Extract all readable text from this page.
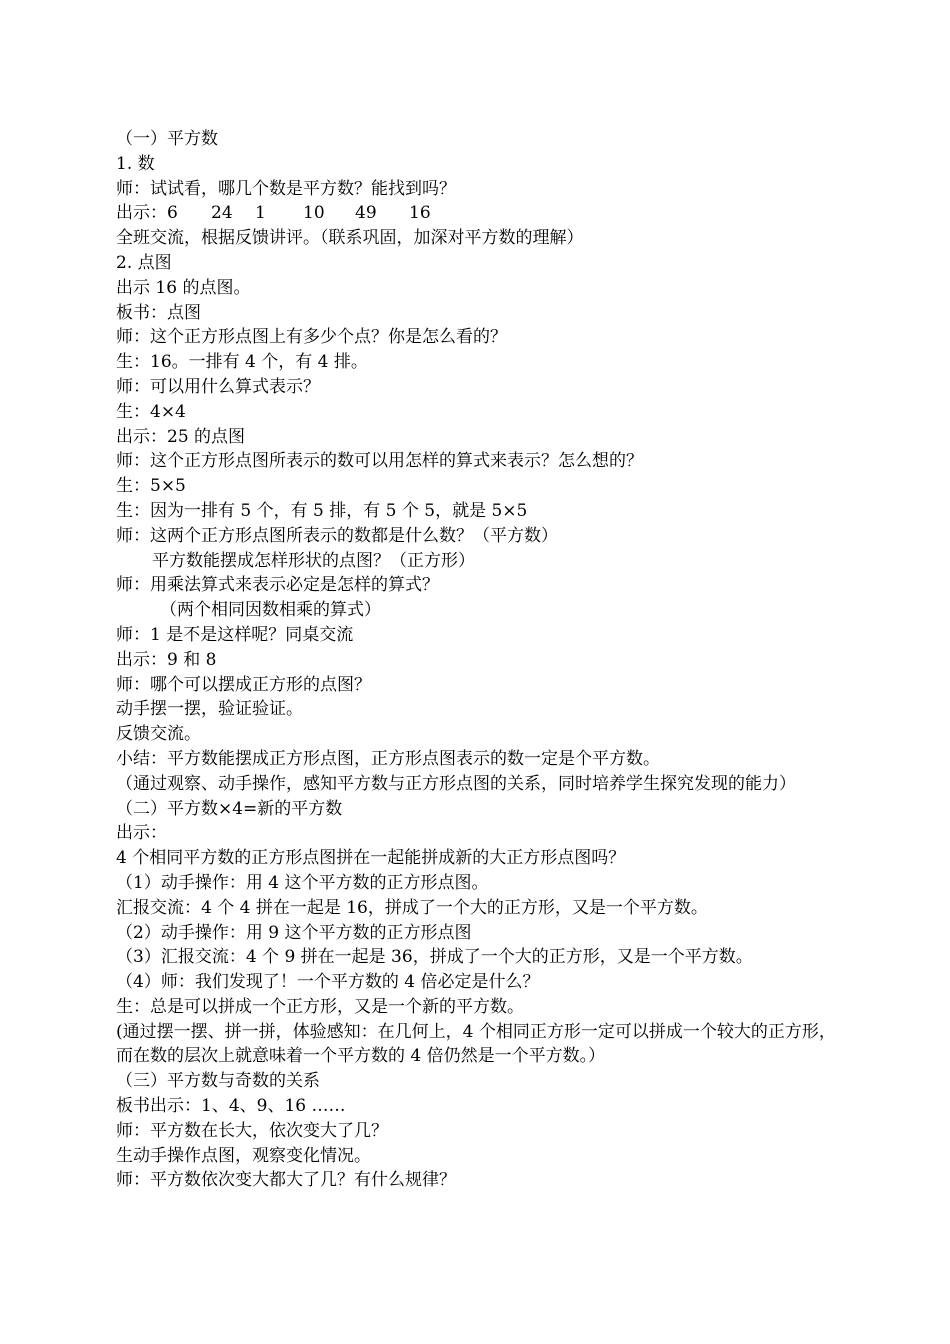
（一）平方数

1. 数

师：试试看，哪几个数是平方数？能找到吗？

出示：6 24 1 10 49 16

全班交流，根据反馈讲评。（联系巩固，加深对平方数的理解）

2. 点图

出示 16 的点图。

板书：点图

师：这个正方形点图上有多少个点？你是怎么看的？

生：16。一排有 4 个，有 4 排。

师：可以用什么算式表示？

生：4×4

出示：25 的点图

师：这个正方形点图所表示的数可以用怎样的算式来表示？怎么想的？

生：5×5

生：因为一排有 5 个，有 5 排，有 5 个 5，就是 5×5

师：这两个正方形点图所表示的数都是什么数？（平方数）

平方数能摆成怎样形状的点图？（正方形）

师：用乘法算式来表示必定是怎样的算式？

（两个相同因数相乘的算式）

师：1 是不是这样呢？同桌交流

出示：9 和 8

师：哪个可以摆成正方形的点图？

动手摆一摆，验证验证。

反馈交流。

小结：平方数能摆成正方形点图，正方形点图表示的数一定是个平方数。

（通过观察、动手操作，感知平方数与正方形点图的关系，同时培养学生探究发现的能力）

（二）平方数×4=新的平方数

出示：

4 个相同平方数的正方形点图拼在一起能拼成新的大正方形点图吗？

（1）动手操作：用 4 这个平方数的正方形点图。

汇报交流：4 个 4 拼在一起是 16，拼成了一个大的正方形，又是一个平方数。

（2）动手操作：用 9 这个平方数的正方形点图

（3）汇报交流：4 个 9 拼在一起是 36，拼成了一个大的正方形，又是一个平方数。

（4）师：我们发现了！一个平方数的 4 倍必定是什么？

生：总是可以拼成一个正方形，又是一个新的平方数。

(通过摆一摆、拼一拼，体验感知：在几何上，4 个相同正方形一定可以拼成一个较大的正方形，而在数的层次上就意味着一个平方数的 4 倍仍然是一个平方数。）

（三）平方数与奇数的关系

板书出示：1、4、9、16 ……

师：平方数在长大，依次变大了几？

生动手操作点图，观察变化情况。

师：平方数依次变大都大了几？有什么规律？
